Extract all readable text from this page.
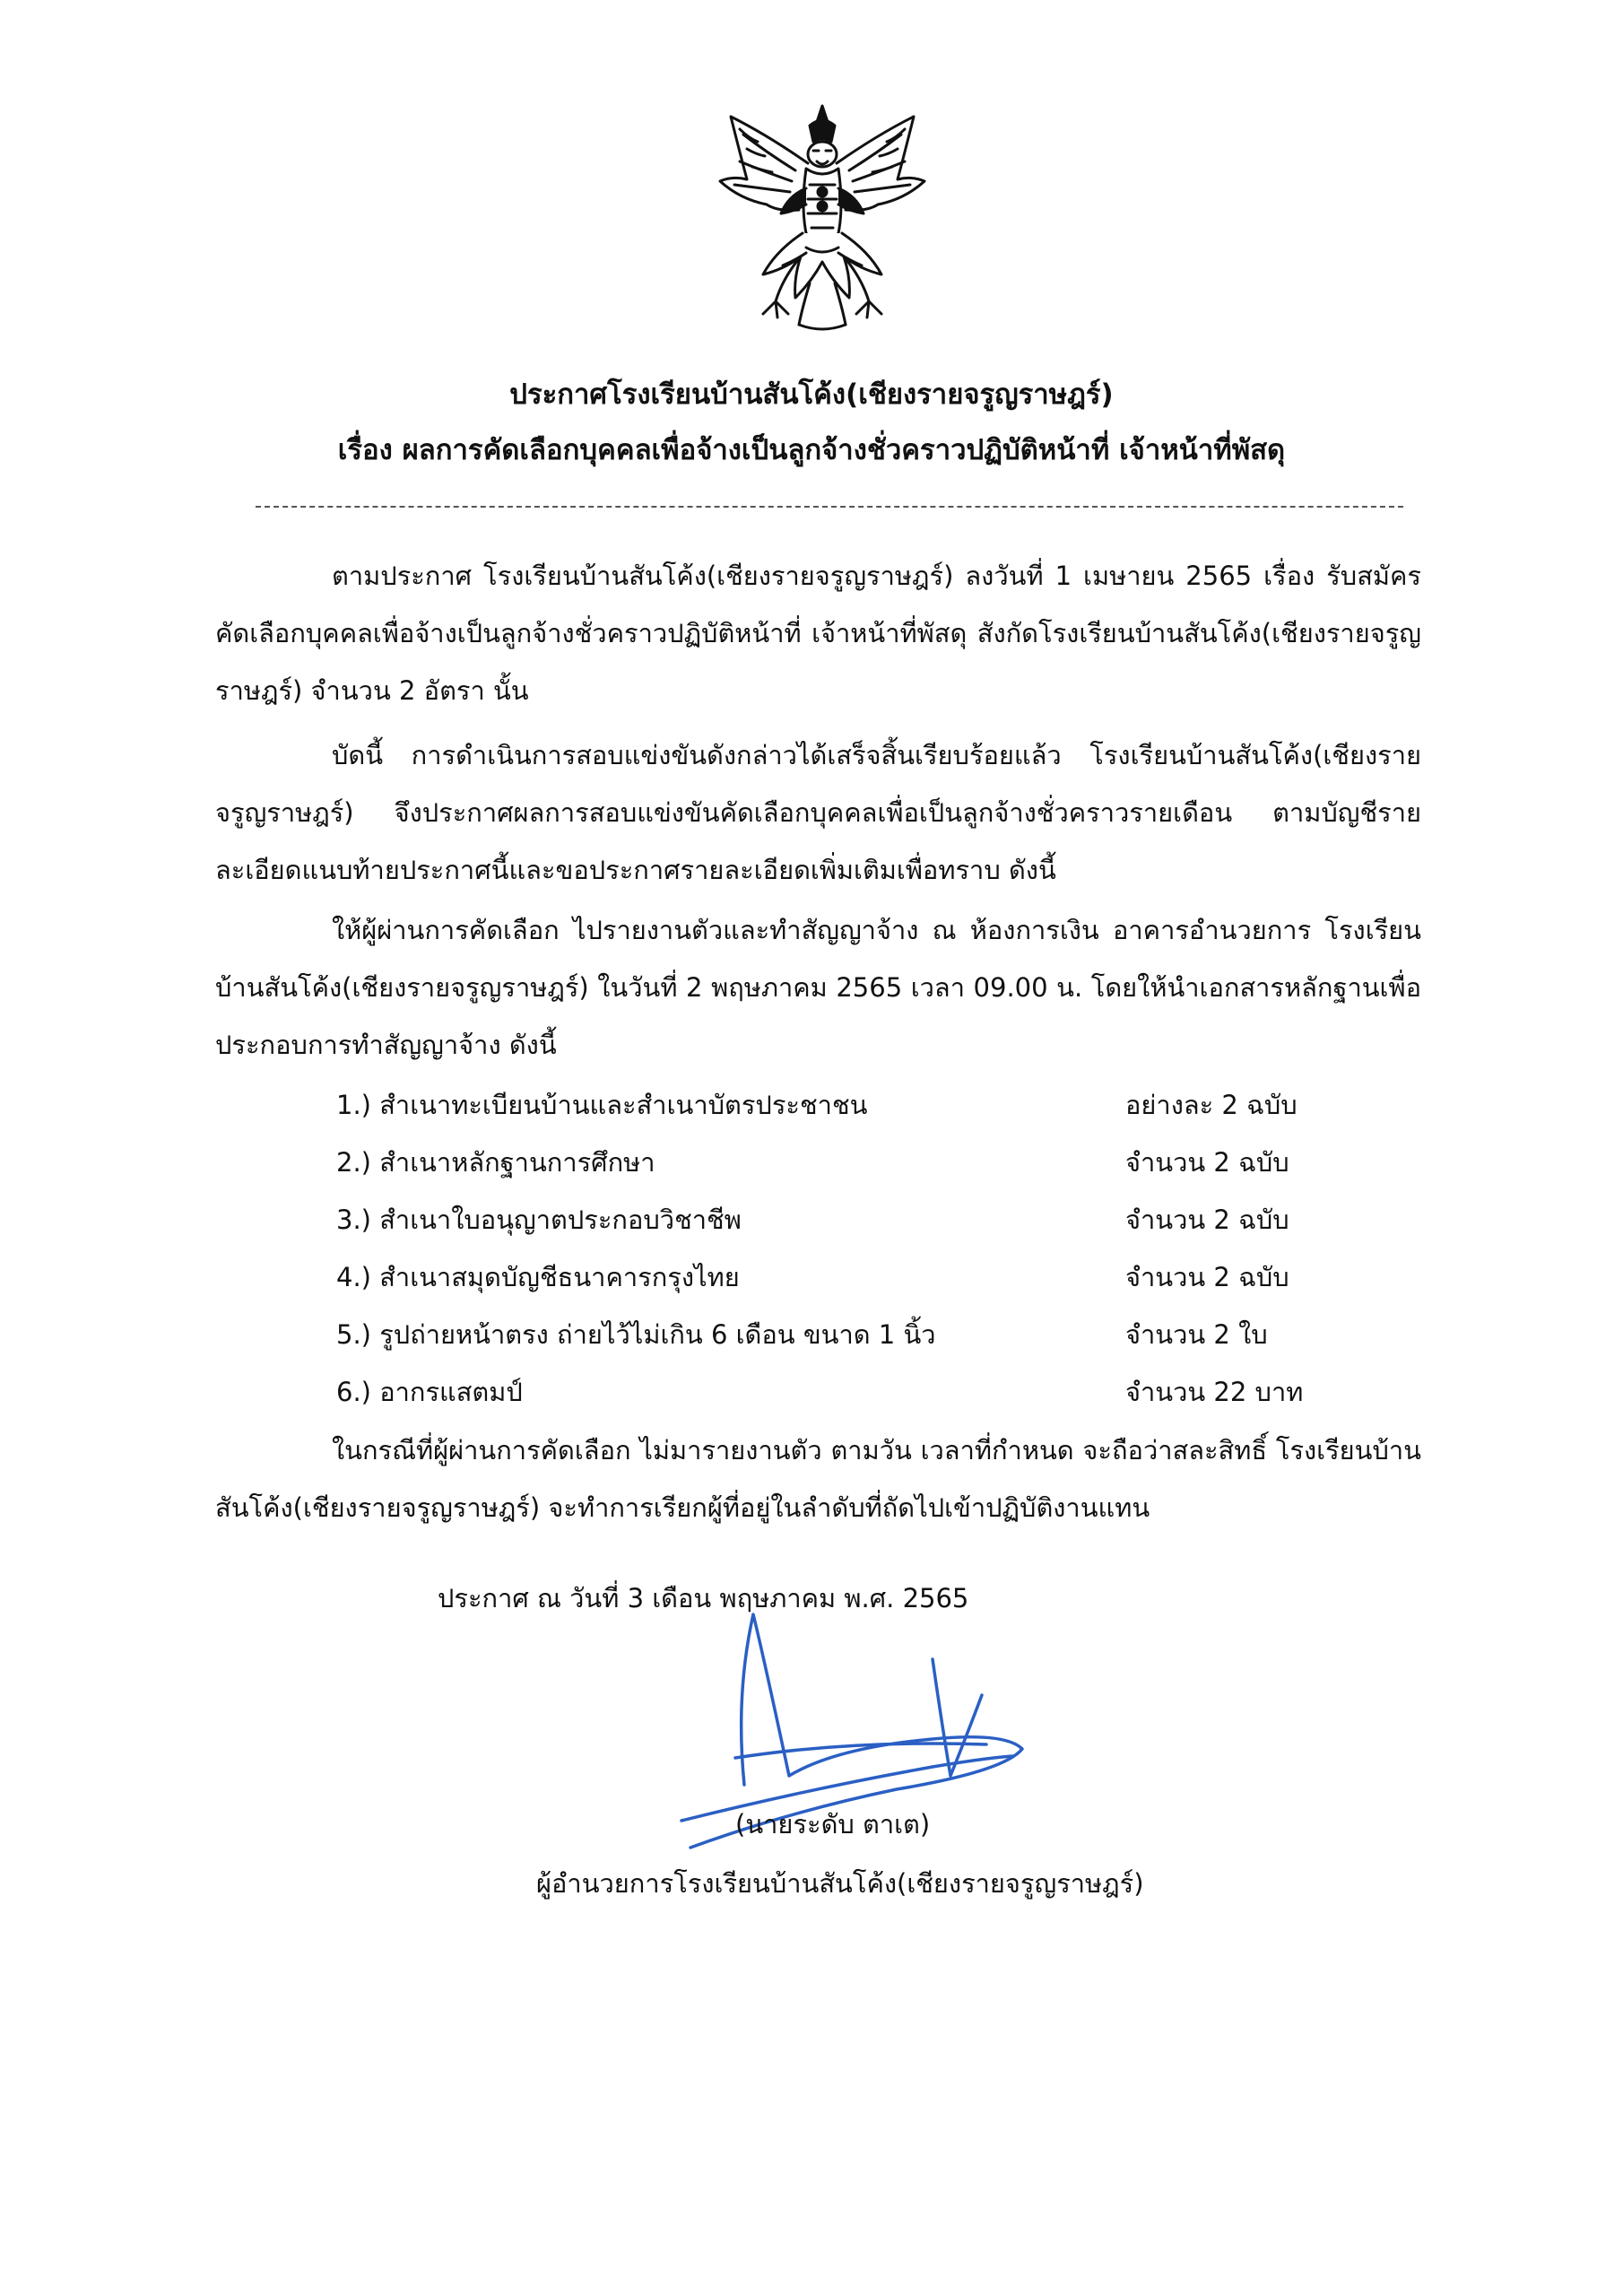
ประกาศโรงเรียนบ้านสันโค้ง(เชียงรายจรูญราษฎร์)
เรื่อง ผลการคัดเลือกบุคคลเพื่อจ้างเป็นลูกจ้างชั่วคราวปฏิบัติหน้าที่ เจ้าหน้าที่พัสดุ

ตามประกาศ โรงเรียนบ้านสันโค้ง(เชียงรายจรูญราษฎร์) ลงวันที่ 1 เมษายน 2565 เรื่อง รับสมัครคัดเลือกบุคคลเพื่อจ้างเป็นลูกจ้างชั่วคราวปฏิบัติหน้าที่ เจ้าหน้าที่พัสดุ สังกัดโรงเรียนบ้านสันโค้ง(เชียงรายจรูญราษฎร์) จำนวน 2 อัตรา นั้น

บัดนี้ การดำเนินการสอบแข่งขันดังกล่าวได้เสร็จสิ้นเรียบร้อยแล้ว โรงเรียนบ้านสันโค้ง(เชียงรายจรูญราษฎร์) จึงประกาศผลการสอบแข่งขันคัดเลือกบุคคลเพื่อเป็นลูกจ้างชั่วคราวรายเดือน ตามบัญชีรายละเอียดแนบท้ายประกาศนี้และขอประกาศรายละเอียดเพิ่มเติมเพื่อทราบ ดังนี้

ให้ผู้ผ่านการคัดเลือก ไปรายงานตัวและทำสัญญาจ้าง ณ ห้องการเงิน อาคารอำนวยการ โรงเรียนบ้านสันโค้ง(เชียงรายจรูญราษฎร์) ในวันที่ 2 พฤษภาคม 2565 เวลา 09.00 น. โดยให้นำเอกสารหลักฐานเพื่อประกอบการทำสัญญาจ้าง ดังนี้

1.) สำเนาทะเบียนบ้านและสำเนาบัตรประชาชน	อย่างละ 2 ฉบับ
2.) สำเนาหลักฐานการศึกษา	จำนวน 2 ฉบับ
3.) สำเนาใบอนุญาตประกอบวิชาชีพ	จำนวน 2 ฉบับ
4.) สำเนาสมุดบัญชีธนาคารกรุงไทย	จำนวน 2 ฉบับ
5.) รูปถ่ายหน้าตรง ถ่ายไว้ไม่เกิน 6 เดือน ขนาด 1 นิ้ว	จำนวน 2 ใบ
6.) อากรแสตมป์	จำนวน 22 บาท

ในกรณีที่ผู้ผ่านการคัดเลือก ไม่มารายงานตัว ตามวัน เวลาที่กำหนด จะถือว่าสละสิทธิ์ โรงเรียนบ้านสันโค้ง(เชียงรายจรูญราษฎร์) จะทำการเรียกผู้ที่อยู่ในลำดับที่ถัดไปเข้าปฏิบัติงานแทน

ประกาศ ณ วันที่ 3 เดือน พฤษภาคม พ.ศ. 2565
(นายระดับ ตาเต)
ผู้อำนวยการโรงเรียนบ้านสันโค้ง(เชียงรายจรูญราษฎร์)
